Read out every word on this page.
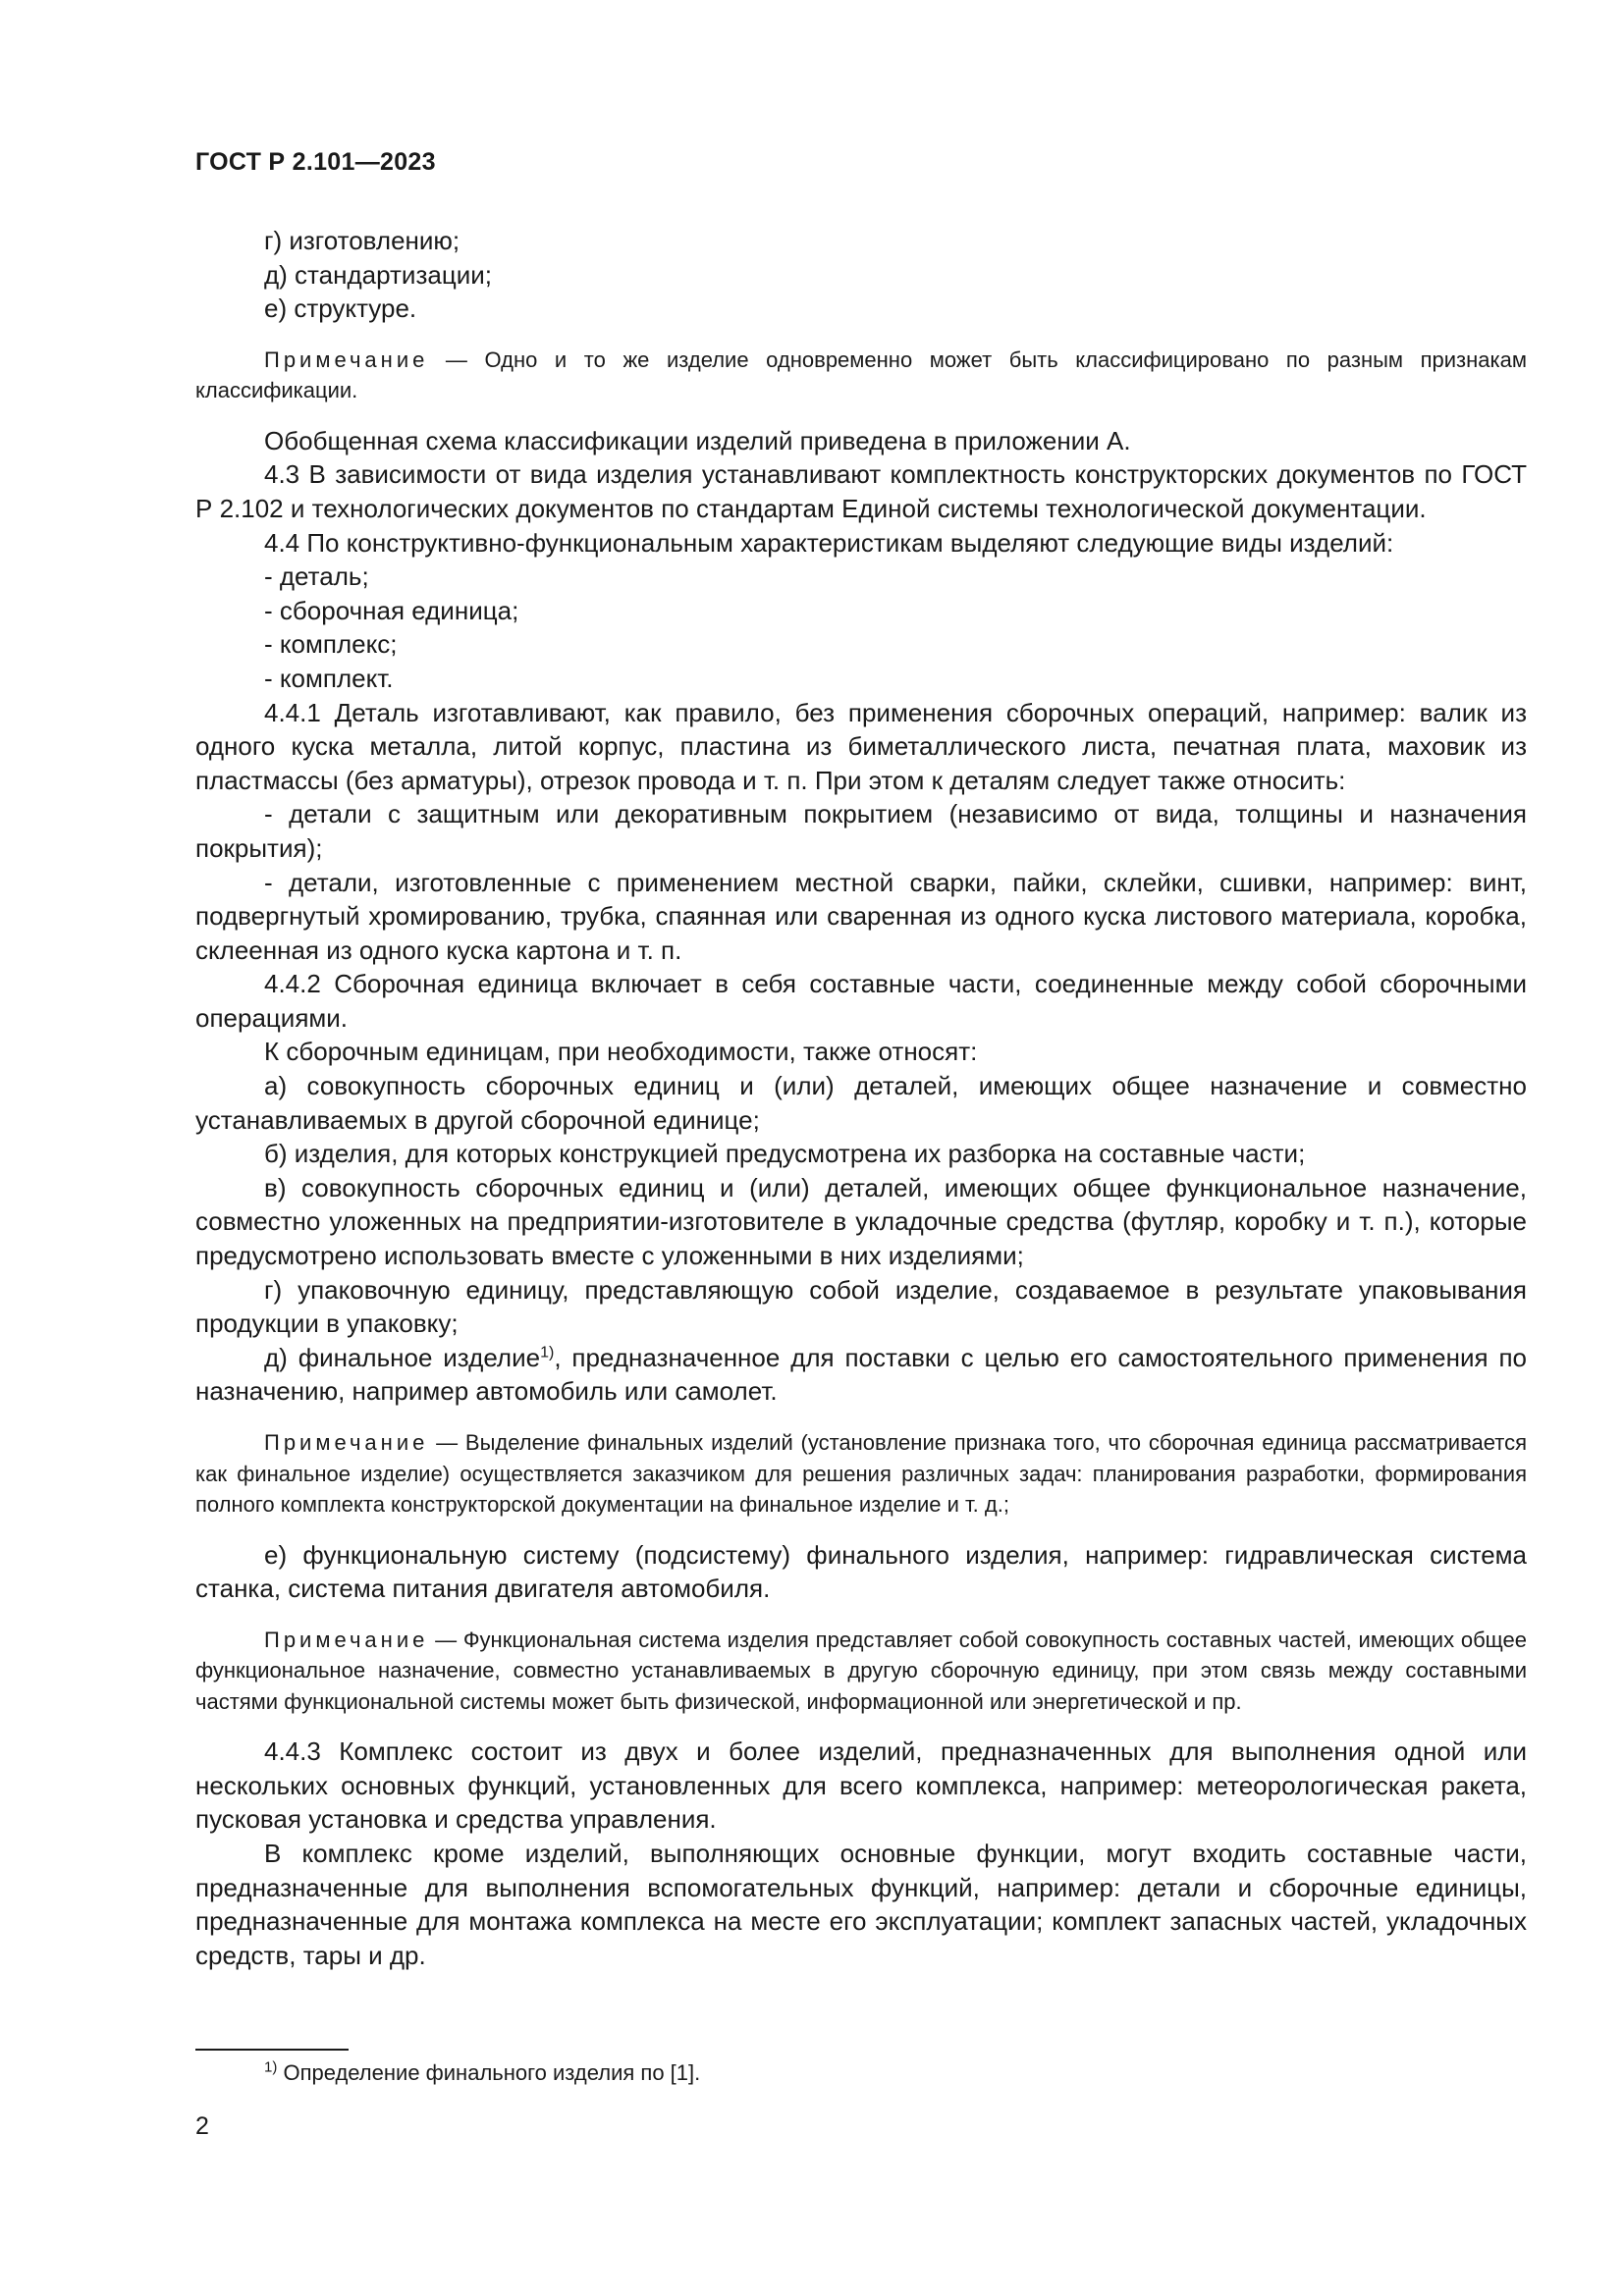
ГОСТ Р 2.101—2023

г) изготовлению;

д) стандартизации;

е) структуре.

Примечание — Одно и то же изделие одновременно может быть классифицировано по разным признакам классификации.

Обобщенная схема классификации изделий приведена в приложении А.

4.3 В зависимости от вида изделия устанавливают комплектность конструкторских документов по ГОСТ Р 2.102 и технологических документов по стандартам Единой системы технологической документации.

4.4 По конструктивно-функциональным характеристикам выделяют следующие виды изделий:

- деталь;

- сборочная единица;

- комплекс;

- комплект.

4.4.1 Деталь изготавливают, как правило, без применения сборочных операций, например: валик из одного куска металла, литой корпус, пластина из биметаллического листа, печатная плата, маховик из пластмассы (без арматуры), отрезок провода и т. п. При этом к деталям следует также относить:

- детали с защитным или декоративным покрытием (независимо от вида, толщины и назначения покрытия);

- детали, изготовленные с применением местной сварки, пайки, склейки, сшивки, например: винт, подвергнутый хромированию, трубка, спаянная или сваренная из одного куска листового материала, коробка, склеенная из одного куска картона и т. п.

4.4.2 Сборочная единица включает в себя составные части, соединенные между собой сборочными операциями.

К сборочным единицам, при необходимости, также относят:

а) совокупность сборочных единиц и (или) деталей, имеющих общее назначение и совместно устанавливаемых в другой сборочной единице;

б) изделия, для которых конструкцией предусмотрена их разборка на составные части;

в) совокупность сборочных единиц и (или) деталей, имеющих общее функциональное назначение, совместно уложенных на предприятии-изготовителе в укладочные средства (футляр, коробку и т. п.), которые предусмотрено использовать вместе с уложенными в них изделиями;

г) упаковочную единицу, представляющую собой изделие, создаваемое в результате упаковывания продукции в упаковку;

д) финальное изделие$^{1)}$, предназначенное для поставки с целью его самостоятельного применения по назначению, например автомобиль или самолет.

Примечание — Выделение финальных изделий (установление признака того, что сборочная единица рассматривается как финальное изделие) осуществляется заказчиком для решения различных задач: планирования разработки, формирования полного комплекта конструкторской документации на финальное изделие и т. д.;

е) функциональную систему (подсистему) финального изделия, например: гидравлическая система станка, система питания двигателя автомобиля.

Примечание — Функциональная система изделия представляет собой совокупность составных частей, имеющих общее функциональное назначение, совместно устанавливаемых в другую сборочную единицу, при этом связь между составными частями функциональной системы может быть физической, информационной или энергетической и пр.

4.4.3 Комплекс состоит из двух и более изделий, предназначенных для выполнения одной или нескольких основных функций, установленных для всего комплекса, например: метеорологическая ракета, пусковая установка и средства управления.

В комплекс кроме изделий, выполняющих основные функции, могут входить составные части, предназначенные для выполнения вспомогательных функций, например: детали и сборочные единицы, предназначенные для монтажа комплекса на месте его эксплуатации; комплект запасных частей, укладочных средств, тары и др.

$^{1)}$ Определение финального изделия по [1].
2
